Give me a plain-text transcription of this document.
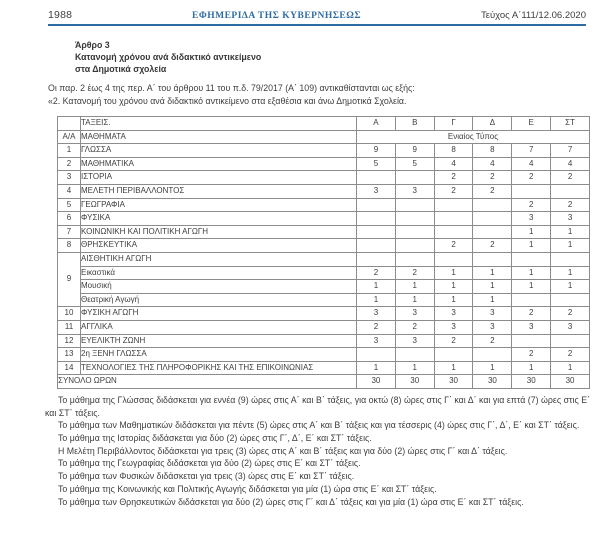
1988	ΕΦΗΜΕΡΙΔΑ ΤΗΣ ΚΥΒΕΡΝΗΣΕΩΣ	Τεύχος Α΄111/12.06.2020
Άρθρο 3
Κατανομή χρόνου ανά διδακτικό αντικείμενο
στα Δημοτικά σχολεία

Οι παρ. 2 έως 4 της περ. Α΄ του άρθρου 11 του π.δ. 79/2017 (Α΄ 109) αντικαθίστανται ως εξής:

«2. Κατανομή του χρόνου ανά διδακτικό αντικείμενο στα εξαθέσια και άνω Δημοτικά Σχολεία.

	ΤΑΞΕΙΣ.	Α	Β	Γ	Δ	Ε	ΣΤ
Α/Α	ΜΑΘΗΜΑΤΑ	Ενιαίος Τύπος					
1	ΓΛΩΣΣΑ	9	9	8	8	7	7
2	ΜΑΘΗΜΑΤΙΚΑ	5	5	4	4	4	4
3	ΙΣΤΟΡΙΑ			2	2	2	2
4	ΜΕΛΕΤΗ ΠΕΡΙΒΑΛΛΟΝΤΟΣ	3	3	2	2		
5	ΓΕΩΓΡΑΦΙΑ					2	2
6	ΦΥΣΙΚΑ					3	3
7	ΚΟΙΝΩΝΙΚΗ ΚΑΙ ΠΟΛΙΤΙΚΗ ΑΓΩΓΗ					1	1
8	ΘΡΗΣΚΕΥΤΙΚΑ			2	2	1	1
9	ΑΙΣΘΗΤΙΚΗ ΑΓΩΓΗ						
	Εικαστικά	2	2	1	1	1	1
	Μουσική	1	1	1	1	1	1
	Θεατρική Αγωγή	1	1	1	1		
10	ΦΥΣΙΚΗ ΑΓΩΓΗ	3	3	3	3	2	2
11	ΑΓΓΛΙΚΑ	2	2	3	3	3	3
12	ΕΥΕΛΙΚΤΗ ΖΩΝΗ	3	3	2	2		
13	2η ΞΕΝΗ ΓΛΩΣΣΑ					2	2
14	ΤΕΧΝΟΛΟΓΙΕΣ ΤΗΣ ΠΛΗΡΟΦΟΡΙΚΗΣ ΚΑΙ ΤΗΣ ΕΠΙΚΟΙΝΩΝΙΑΣ	1	1	1	1	1	1
ΣΥΝΟΛΟ ΩΡΩΝ		30	30	30	30	30	30

Το μάθημα της Γλώσσας διδάσκεται για εννέα (9) ώρες στις Α΄ και Β΄ τάξεις, για οκτώ (8) ώρες στις Γ΄ και Δ΄ και για επτά (7) ώρες στις Ε΄ και ΣΤ΄ τάξεις.

Το μάθημα των Μαθηματικών διδάσκεται για πέντε (5) ώρες στις Α΄ και Β΄ τάξεις και για τέσσερις (4) ώρες στις Γ΄, Δ΄, Ε΄ και ΣΤ΄ τάξεις.

Το μάθημα της Ιστορίας διδάσκεται για δύο (2) ώρες στις Γ΄, Δ΄, Ε΄ και ΣΤ΄ τάξεις.

Η Μελέτη Περιβάλλοντος διδάσκεται για τρεις (3) ώρες στις Α΄ και Β΄ τάξεις και για δύο (2) ώρες στις Γ΄ και Δ΄ τάξεις.

Το μάθημα της Γεωγραφίας διδάσκεται για δύο (2) ώρες στις Ε΄ και ΣΤ΄ τάξεις.

Το μάθημα των Φυσικών διδάσκεται για τρεις (3) ώρες στις Ε΄ και ΣΤ΄ τάξεις.

Το μάθημα της Κοινωνικής και Πολιτικής Αγωγής διδάσκεται για μία (1) ώρα στις Ε΄ και ΣΤ΄ τάξεις.

Το μάθημα των Θρησκευτικών διδάσκεται για δύο (2) ώρες στις Γ΄ και Δ΄ τάξεις και για μία (1) ώρα στις Ε΄ και ΣΤ΄ τάξεις.
